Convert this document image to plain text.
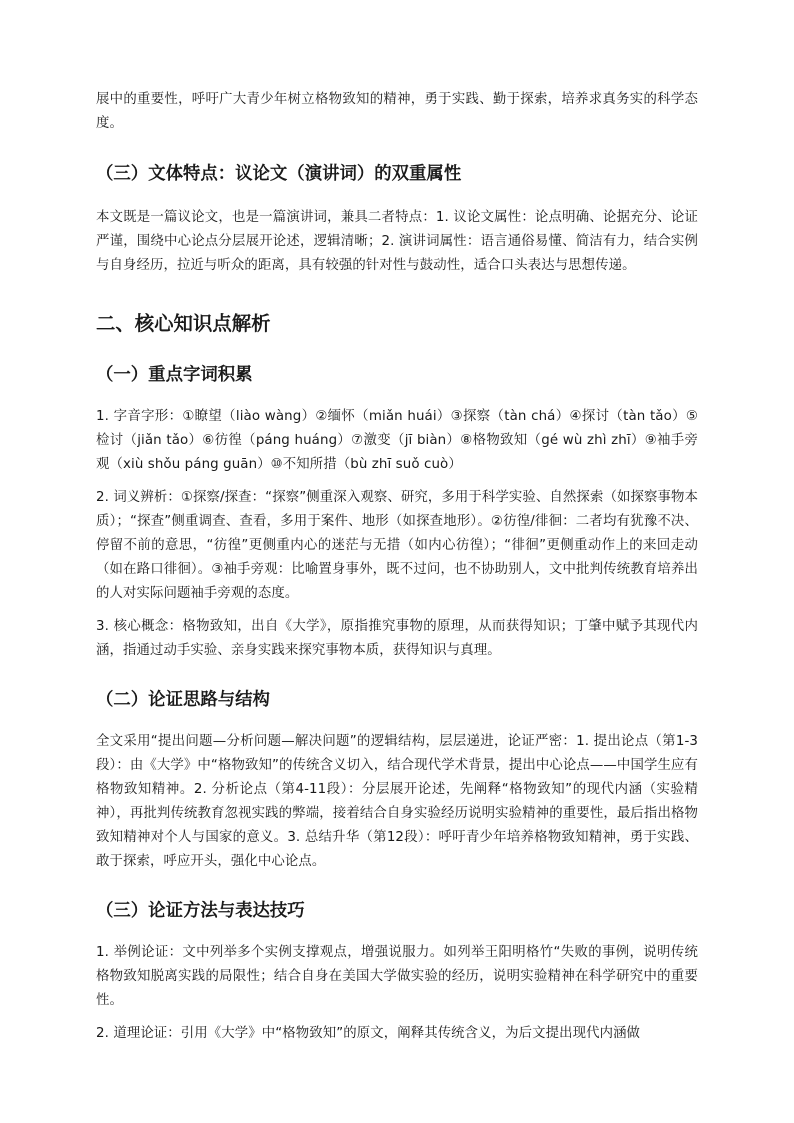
展中的重要性，呼吁广大青少年树立格物致知的精神，勇于实践、勤于探索，培养求真务实的科学态度。

（三）文体特点：议论文（演讲词）的双重属性

本文既是一篇议论文，也是一篇演讲词，兼具二者特点：1. 议论文属性：论点明确、论据充分、论证严谨，围绕中心论点分层展开论述，逻辑清晰；2. 演讲词属性：语言通俗易懂、简洁有力，结合实例与自身经历，拉近与听众的距离，具有较强的针对性与鼓动性，适合口头表达与思想传递。

二、核心知识点解析
（一）重点字词积累

1. 字音字形：①瞭望（liào wàng）②缅怀（miǎn huái）③探察（tàn chá）④探讨（tàn tǎo）⑤检讨（jiǎn tǎo）⑥彷徨（páng huáng）⑦激变（jī biàn）⑧格物致知（gé wù zhì zhī）⑨袖手旁观（xiù shǒu páng guān）⑩不知所措（bù zhī suǒ cuò）

2. 词义辨析：①探察/探查：“探察”侧重深入观察、研究，多用于科学实验、自然探索（如探察事物本质）；“探查”侧重调查、查看，多用于案件、地形（如探查地形）。②彷徨/徘徊：二者均有犹豫不决、停留不前的意思，“彷徨”更侧重内心的迷茫与无措（如内心彷徨）；“徘徊”更侧重动作上的来回走动（如在路口徘徊）。③袖手旁观：比喻置身事外，既不过问，也不协助别人，文中批判传统教育培养出的人对实际问题袖手旁观的态度。

3. 核心概念：格物致知，出自《大学》，原指推究事物的原理，从而获得知识；丁肇中赋予其现代内涵，指通过动手实验、亲身实践来探究事物本质，获得知识与真理。

（二）论证思路与结构

全文采用“提出问题—分析问题—解决问题”的逻辑结构，层层递进，论证严密：1. 提出论点（第1-3段）：由《大学》中“格物致知”的传统含义切入，结合现代学术背景，提出中心论点——中国学生应有格物致知精神。2. 分析论点（第4-11段）：分层展开论述，先阐释“格物致知”的现代内涵（实验精神），再批判传统教育忽视实践的弊端，接着结合自身实验经历说明实验精神的重要性，最后指出格物致知精神对个人与国家的意义。3. 总结升华（第12段）：呼吁青少年培养格物致知精神，勇于实践、敢于探索，呼应开头，强化中心论点。

（三）论证方法与表达技巧

1. 举例论证：文中列举多个实例支撑观点，增强说服力。如列举王阳明格竹“失败的事例，说明传统格物致知脱离实践的局限性；结合自身在美国大学做实验的经历，说明实验精神在科学研究中的重要性。

2. 道理论证：引用《大学》中“格物致知”的原文，阐释其传统含义，为后文提出现代内涵做
